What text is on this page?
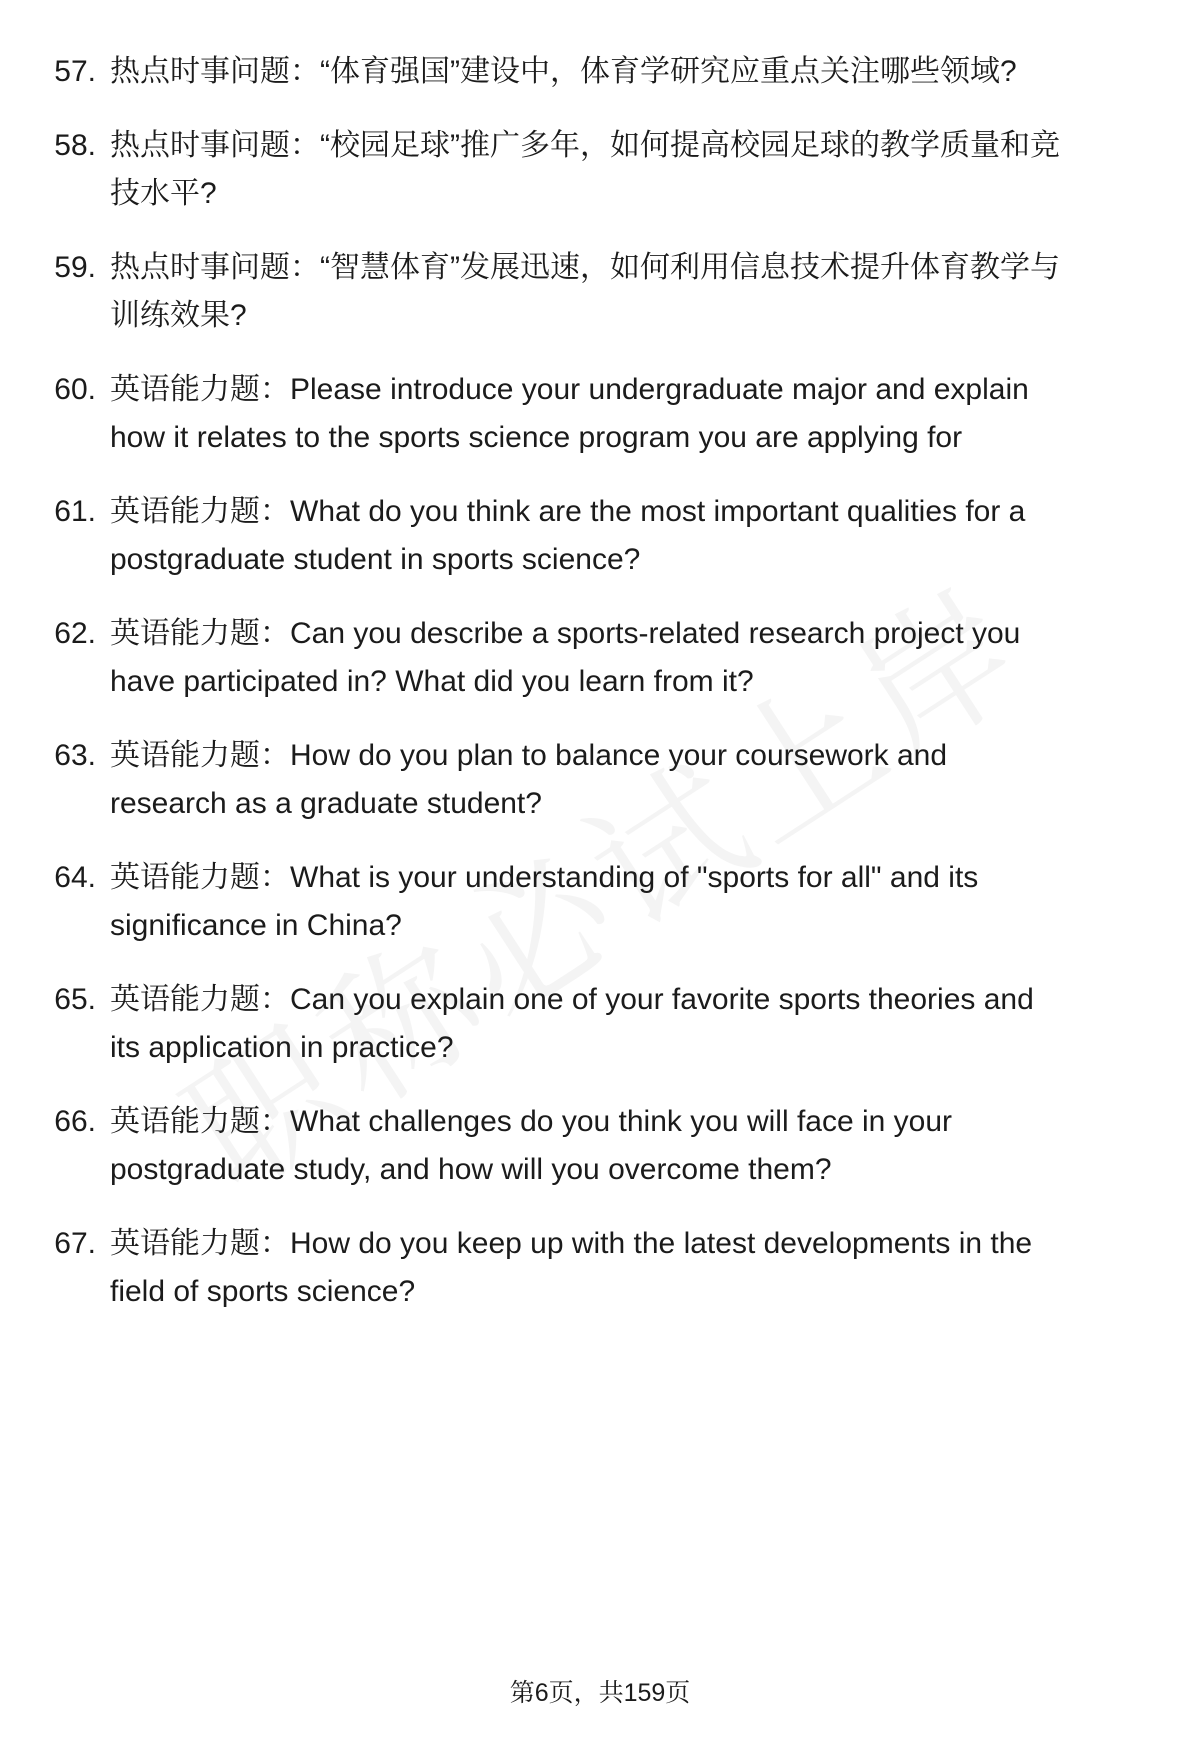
57. 热点时事问题：“体育强国”建设中，体育学研究应重点关注哪些领域?
58. 热点时事问题：“校园足球”推广多年，如何提高校园足球的教学质量和竞技水平?
59. 热点时事问题：“智慧体育”发展迅速，如何利用信息技术提升体育教学与训练效果?
60. 英语能力题：Please introduce your undergraduate major and explain how it relates to the sports science program you are applying for
61. 英语能力题：What do you think are the most important qualities for a postgraduate student in sports science?
62. 英语能力题：Can you describe a sports-related research project you have participated in? What did you learn from it?
63. 英语能力题：How do you plan to balance your coursework and research as a graduate student?
64. 英语能力题：What is your understanding of "sports for all" and its significance in China?
65. 英语能力题：Can you explain one of your favorite sports theories and its application in practice?
66. 英语能力题：What challenges do you think you will face in your postgraduate study, and how will you overcome them?
67. 英语能力题：How do you keep up with the latest developments in the field of sports science?
第6页，共159页
